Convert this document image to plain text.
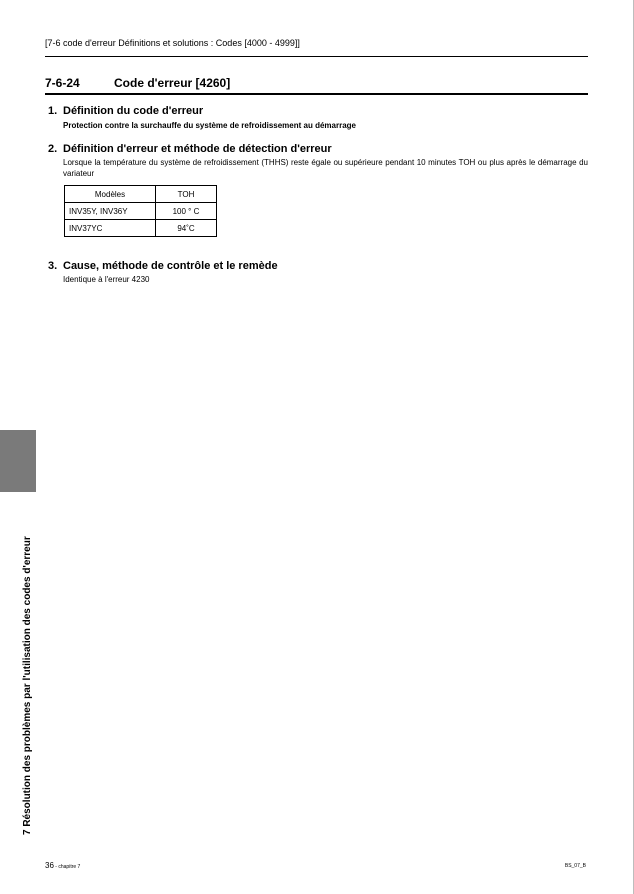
[7-6 code d'erreur Définitions et solutions : Codes [4000 - 4999]]
7-6-24	Code d'erreur [4260]
1. Définition du code d'erreur
Protection contre la surchauffe du système de refroidissement au démarrage
2. Définition d'erreur et méthode de détection d'erreur
Lorsque la température du système de refroidissement (THHS) reste égale ou supérieure pendant 10 minutes TOH ou plus après le démarrage du variateur
Modèles	TOH
INV35Y, INV36Y	100 ° C
INV37YC	94˚C
3. Cause, méthode de contrôle et le remède
Identique à l'erreur 4230
7 Résolution des problèmes par l'utilisation des codes d'erreur
36 - chapitre 7	BS_07_B
